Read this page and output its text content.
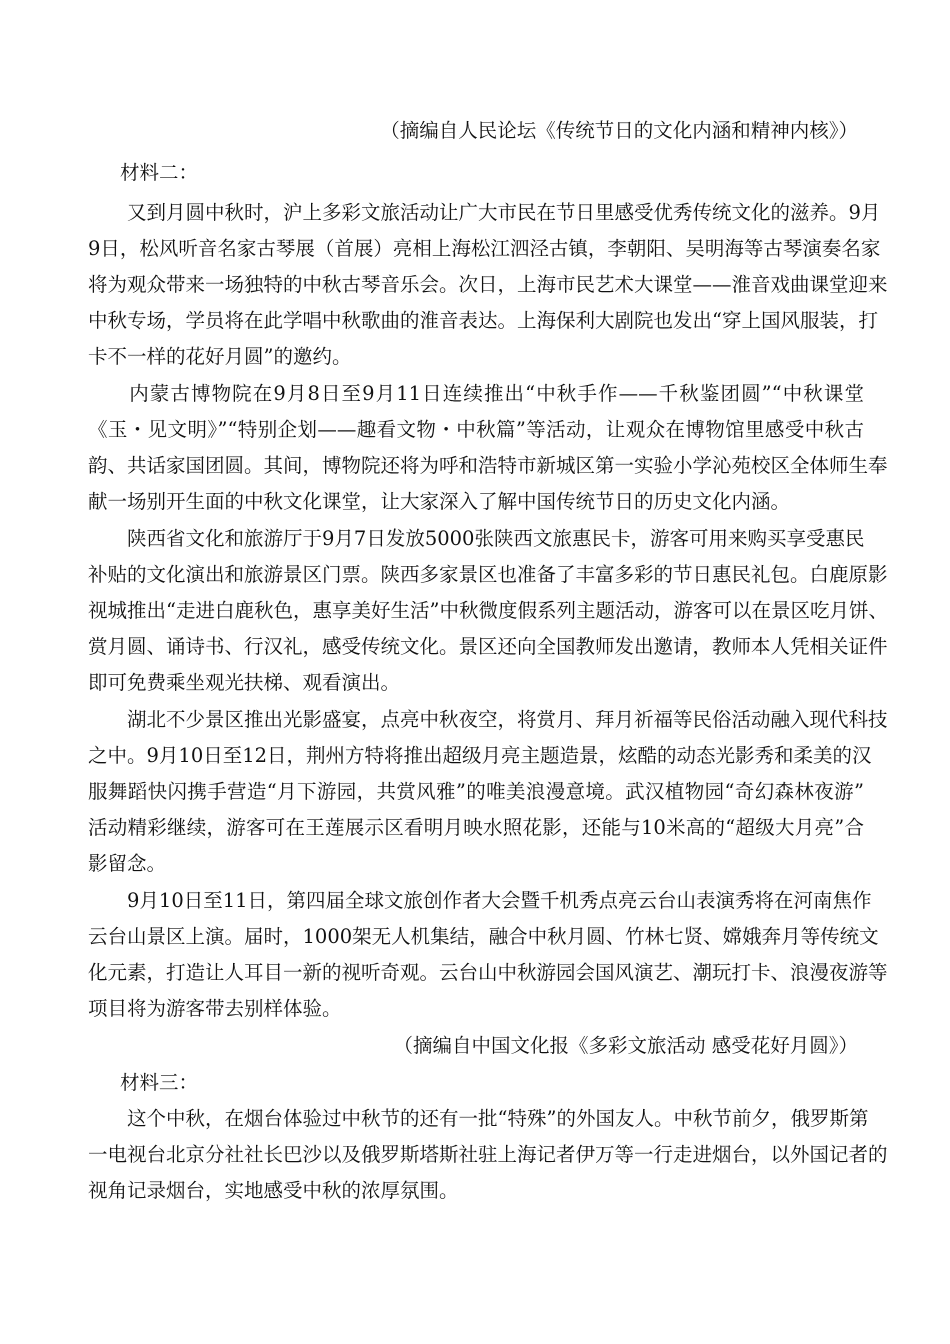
（摘编自人民论坛《传统节日的文化内涵和精神内核》）
材料二：
　　又到月圆中秋时，沪上多彩文旅活动让广大市民在节日里感受优秀传统文化的滋养。9月
9日，松风听音名家古琴展（首展）亮相上海松江泗泾古镇，李朝阳、吴明海等古琴演奏名家
将为观众带来一场独特的中秋古琴音乐会。次日，上海市民艺术大课堂——淮音戏曲课堂迎来
中秋专场，学员将在此学唱中秋歌曲的淮音表达。上海保利大剧院也发出“穿上国风服装，打
卡不一样的花好月圆”的邀约。
　　内蒙古博物院在9月8日至9月11日连续推出“中秋手作——千秋鉴团圆”“中秋课堂
《玉・见文明》”“特别企划——趣看文物・中秋篇”等活动，让观众在博物馆里感受中秋古
韵、共话家国团圆。其间，博物院还将为呼和浩特市新城区第一实验小学沁苑校区全体师生奉
献一场别开生面的中秋文化课堂，让大家深入了解中国传统节日的历史文化内涵。
　　陕西省文化和旅游厅于9月7日发放5000张陕西文旅惠民卡，游客可用来购买享受惠民
补贴的文化演出和旅游景区门票。陕西多家景区也准备了丰富多彩的节日惠民礼包。白鹿原影
视城推出“走进白鹿秋色，惠享美好生活”中秋微度假系列主题活动，游客可以在景区吃月饼、
赏月圆、诵诗书、行汉礼，感受传统文化。景区还向全国教师发出邀请，教师本人凭相关证件
即可免费乘坐观光扶梯、观看演出。
　　湖北不少景区推出光影盛宴，点亮中秋夜空，将赏月、拜月祈福等民俗活动融入现代科技
之中。9月10日至12日，荆州方特将推出超级月亮主题造景，炫酷的动态光影秀和柔美的汉
服舞蹈快闪携手营造“月下游园，共赏风雅”的唯美浪漫意境。武汉植物园“奇幻森林夜游”
活动精彩继续，游客可在王莲展示区看明月映水照花影，还能与10米高的“超级大月亮”合
影留念。
　　9月10日至11日，第四届全球文旅创作者大会暨千机秀点亮云台山表演秀将在河南焦作
云台山景区上演。届时，1000架无人机集结，融合中秋月圆、竹林七贤、嫦娥奔月等传统文
化元素，打造让人耳目一新的视听奇观。云台山中秋游园会国风演艺、潮玩打卡、浪漫夜游等
项目将为游客带去别样体验。
（摘编自中国文化报《多彩文旅活动 感受花好月圆》）
材料三：
　　这个中秋，在烟台体验过中秋节的还有一批“特殊”的外国友人。中秋节前夕，俄罗斯第
一电视台北京分社社长巴沙以及俄罗斯塔斯社驻上海记者伊万等一行走进烟台，以外国记者的
视角记录烟台，实地感受中秋的浓厚氛围。
